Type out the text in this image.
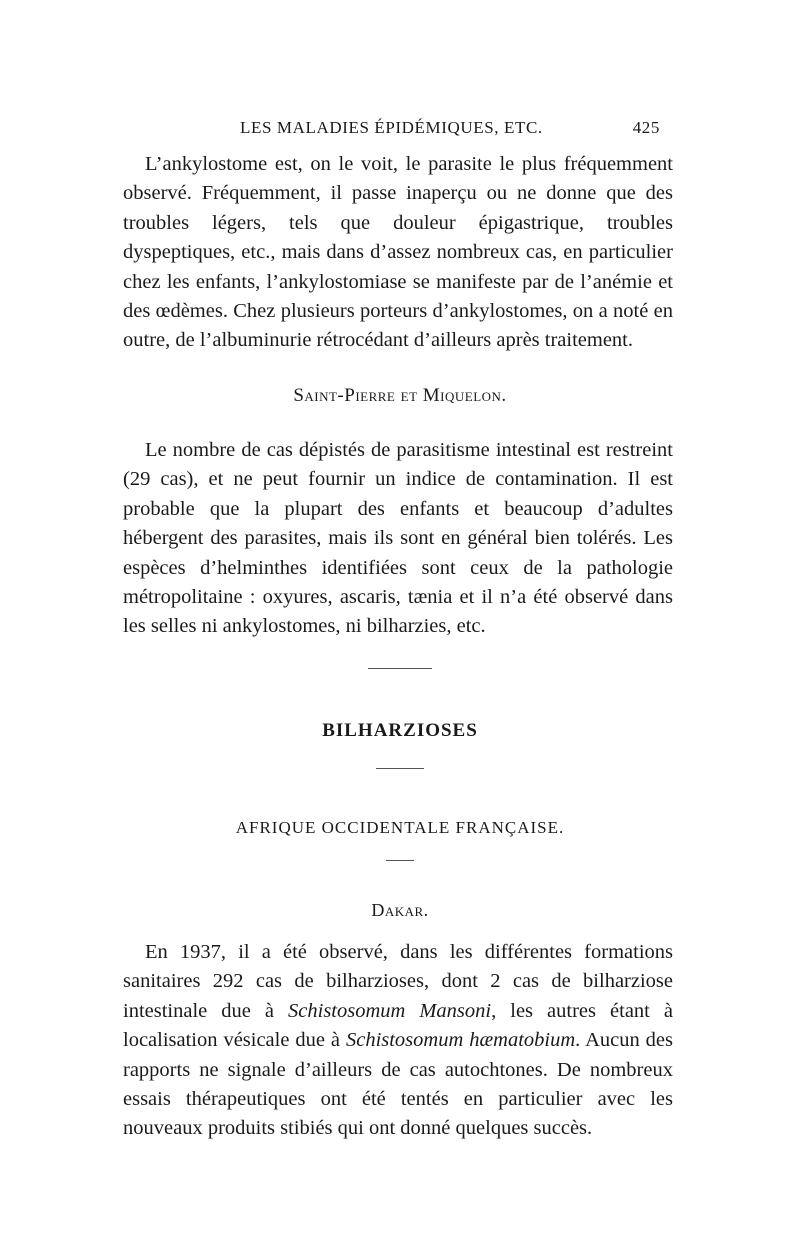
LES MALADIES ÉPIDÉMIQUES, ETC.	425

L’ankylostome est, on le voit, le parasite le plus fréquemment observé. Fréquemment, il passe inaperçu ou ne donne que des troubles légers, tels que douleur épigastrique, troubles dyspeptiques, etc., mais dans d’assez nombreux cas, en particulier chez les enfants, l’ankylostomiase se manifeste par de l’anémie et des œdèmes. Chez plusieurs porteurs d’ankylostomes, on a noté en outre, de l’albuminurie rétrocédant d’ailleurs après traitement.

Saint-Pierre et Miquelon.

Le nombre de cas dépistés de parasitisme intestinal est restreint (29 cas), et ne peut fournir un indice de contamination. Il est probable que la plupart des enfants et beaucoup d’adultes hébergent des parasites, mais ils sont en général bien tolérés. Les espèces d’helminthes identifiées sont ceux de la pathologie métropolitaine : oxyures, ascaris, tænia et il n’a été observé dans les selles ni ankylostomes, ni bilharzies, etc.

BILHARZIOSES
AFRIQUE OCCIDENTALE FRANÇAISE.
Dakar.

En 1937, il a été observé, dans les différentes formations sanitaires 292 cas de bilharzioses, dont 2 cas de bilharziose intestinale due à Schistosomum Mansoni, les autres étant à localisation vésicale due à Schistosomum hæmatobium. Aucun des rapports ne signale d’ailleurs de cas autochtones. De nombreux essais thérapeutiques ont été tentés en particulier avec les nouveaux produits stibiés qui ont donné quelques succès.
